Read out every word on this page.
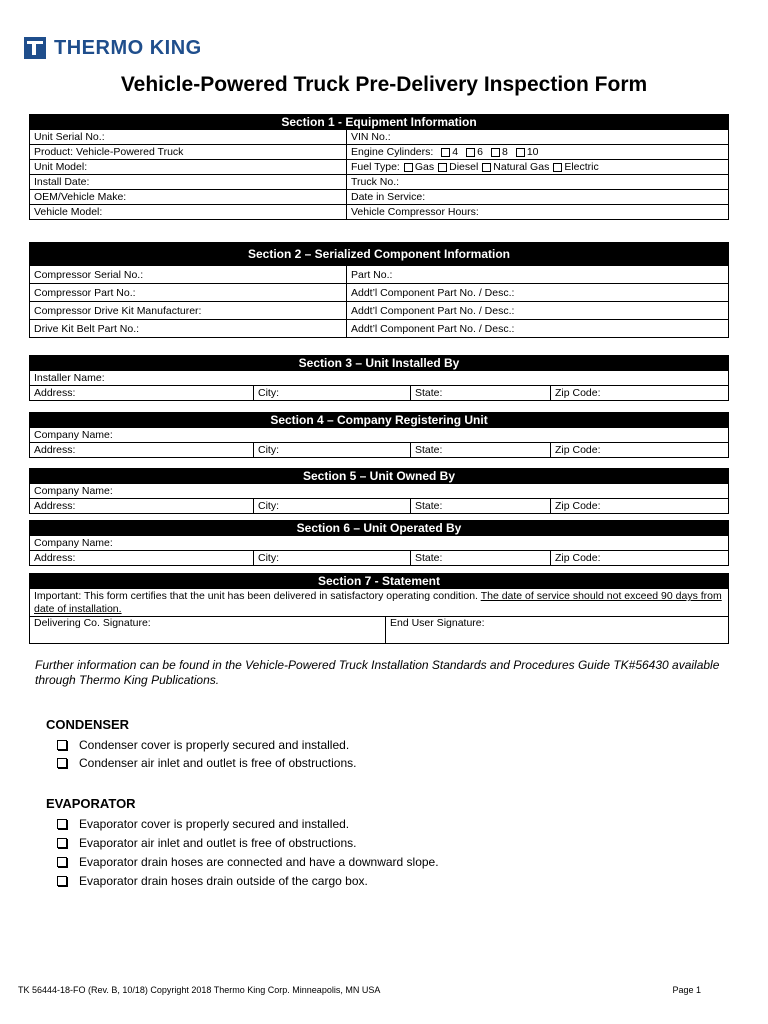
THERMO KING
Vehicle-Powered Truck Pre-Delivery Inspection Form
Section 1 - Equipment Information
Unit Serial No.:	VIN No.:
Product: Vehicle-Powered Truck	Engine Cylinders: 4 6 8 10
Unit Model:	Fuel Type: Gas Diesel Natural Gas Electric
Install Date:	Truck No.:
OEM/Vehicle Make:	Date in Service:
Vehicle Model:	Vehicle Compressor Hours:
Section 2 – Serialized Component Information
Compressor Serial No.:	Part No.:
Compressor Part No.:	Addt’l Component Part No. / Desc.:
Compressor Drive Kit Manufacturer:	Addt’l Component Part No. / Desc.:
Drive Kit Belt Part No.:	Addt’l Component Part No. / Desc.:
Section 3 – Unit Installed By
Installer Name:
Address:	City:	State:	Zip Code:
Section 4 – Company Registering Unit
Company Name:
Address:	City:	State:	Zip Code:
Section 5 – Unit Owned By
Company Name:
Address:	City:	State:	Zip Code:
Section 6 – Unit Operated By
Company Name:
Address:	City:	State:	Zip Code:
Section 7 - Statement
Important: This form certifies that the unit has been delivered in satisfactory operating condition. The date of service should not exceed 90 days from date of installation.
Delivering Co. Signature:	End User Signature:
Further information can be found in the Vehicle-Powered Truck Installation Standards and Procedures Guide TK#56430 available through Thermo King Publications.
CONDENSER
Condenser cover is properly secured and installed.
Condenser air inlet and outlet is free of obstructions.
EVAPORATOR
Evaporator cover is properly secured and installed.
Evaporator air inlet and outlet is free of obstructions.
Evaporator drain hoses are connected and have a downward slope.
Evaporator drain hoses drain outside of the cargo box.
TK 56444-18-FO (Rev. B, 10/18) Copyright 2018 Thermo King Corp. Minneapolis, MN USA	Page 1
